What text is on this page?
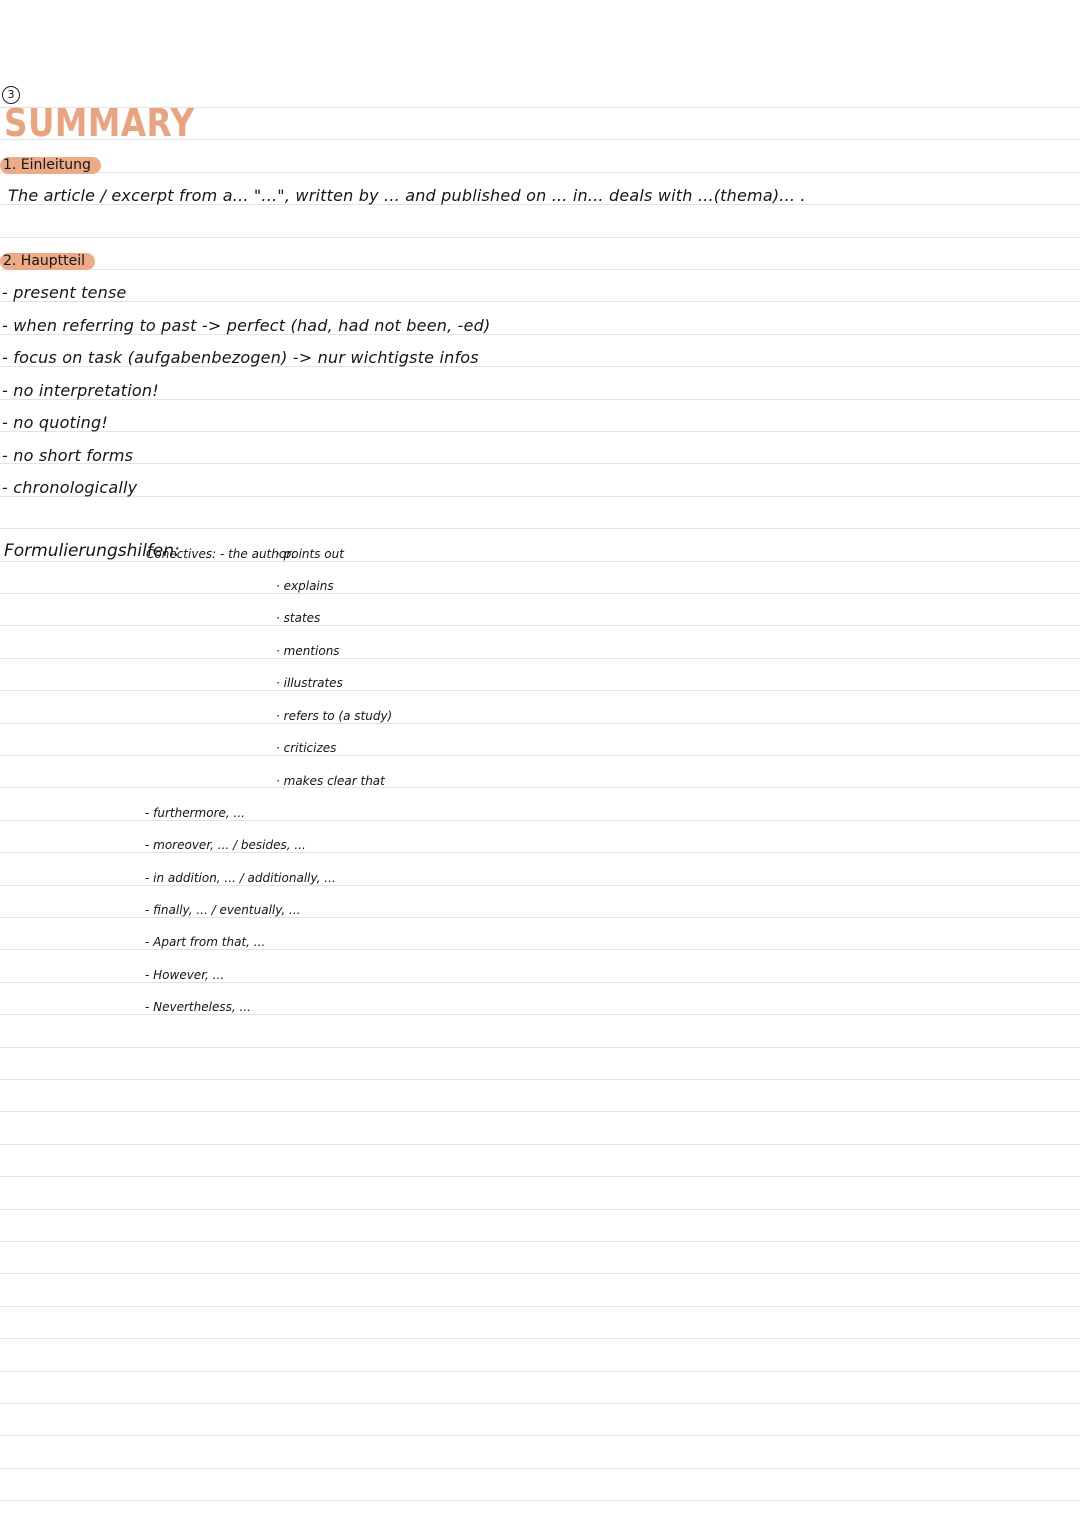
3
SUMMARY
1. Einleitung
The article / excerpt from a... "...", written by ... and published on ... in... deals with ...(thema)... .
2. Hauptteil
- present tense
- when referring to past -> perfect (had, had not been, -ed)
- focus on task (aufgabenbezogen) -> nur wichtigste infos
- no interpretation!
- no quoting!
- no short forms
- chronologically
Formulierungshilfen:
Conectives: - the author:
· points out
· explains
· states
· mentions
· illustrates
· refers to (a study)
· criticizes
· makes clear that
- furthermore, ...
- moreover, ... / besides, ...
- in addition, ... / additionally, ...
- finally, ... / eventually, ...
- Apart from that, ...
- However, ...
- Nevertheless, ...
